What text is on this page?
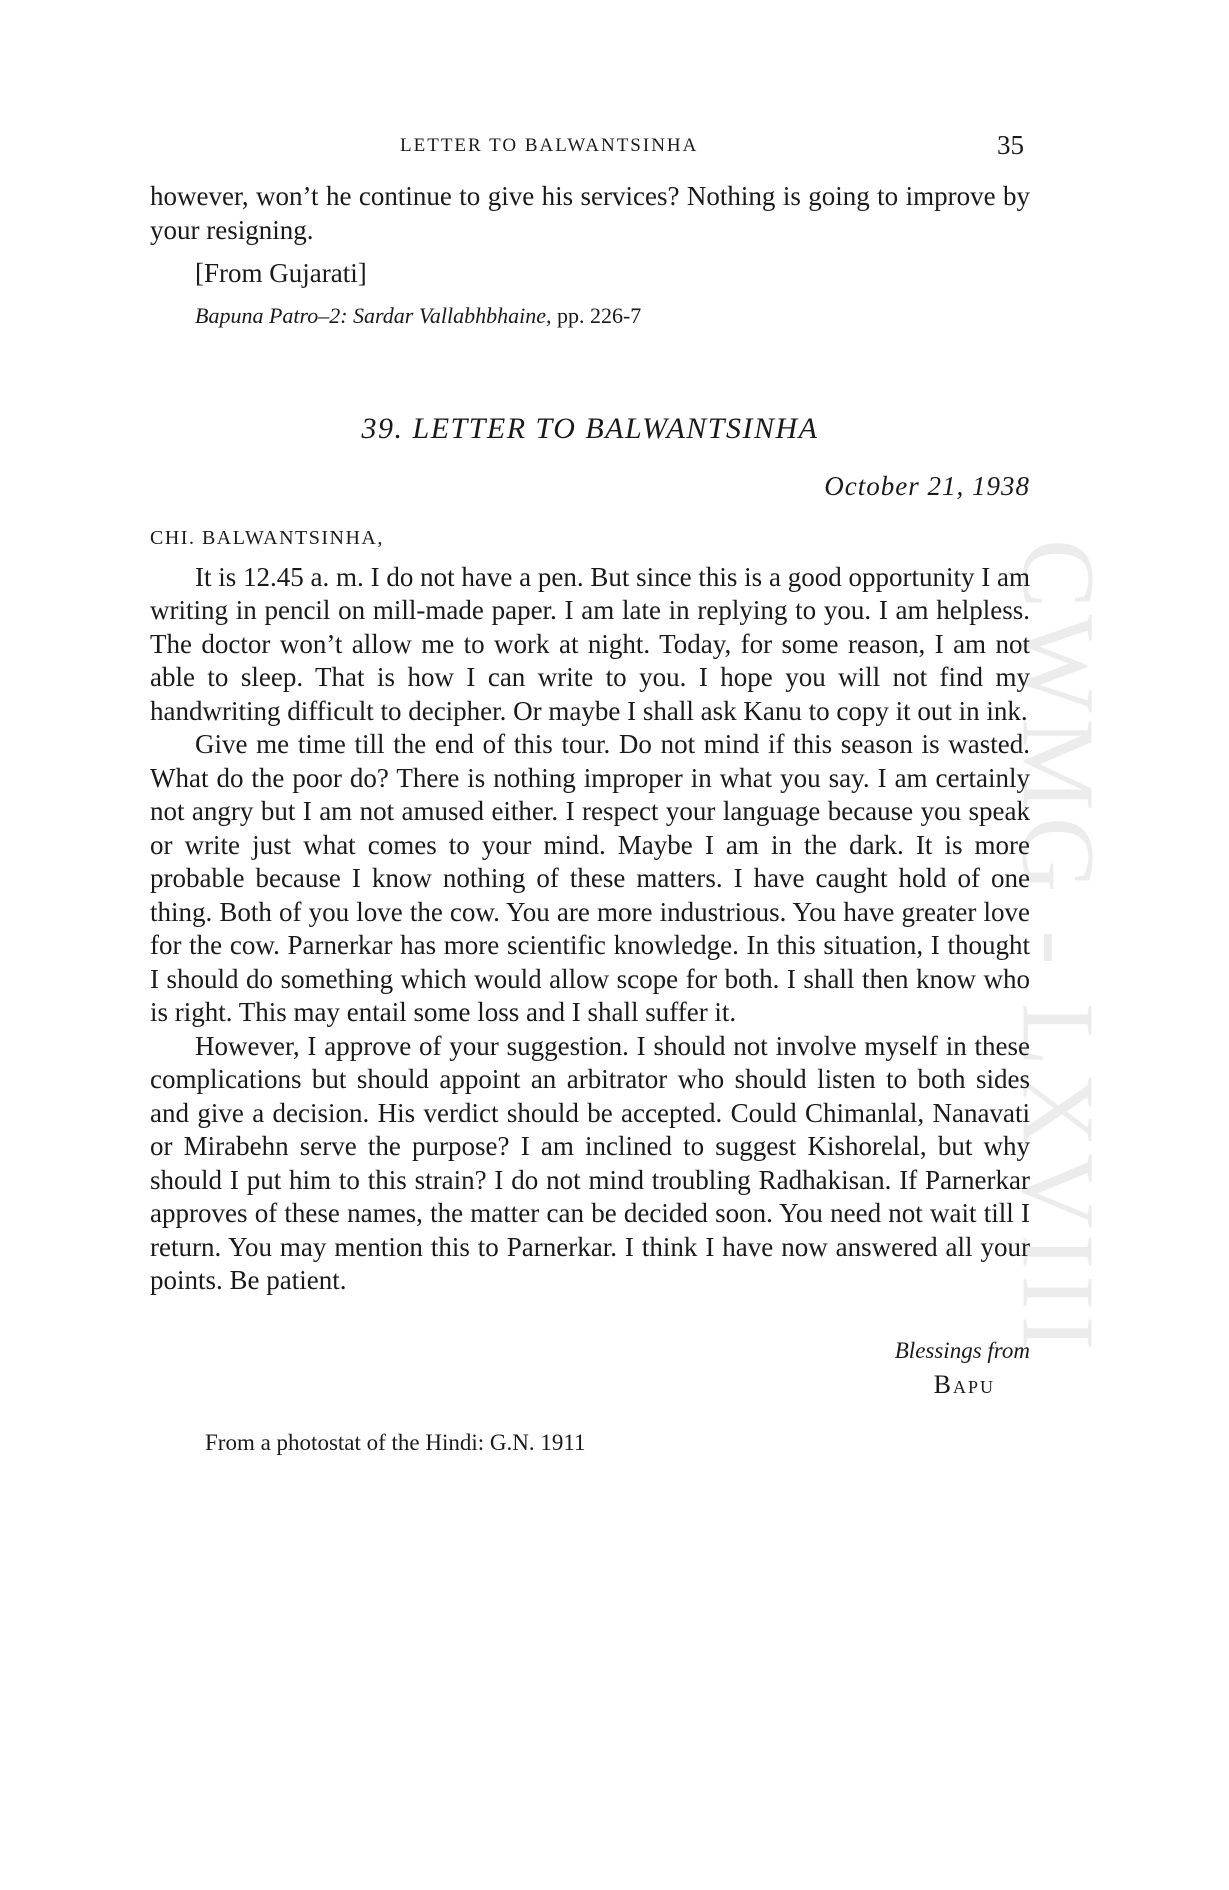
CWMG - LXVIII
LETTER TO BALWANTSINHA	35

however, won’t he continue to give his services? Nothing is going to improve by your resigning.

[From Gujarati]
Bapuna Patro–2: Sardar Vallabhbhaine, pp. 226-7
39. LETTER TO BALWANTSINHA
October 21, 1938
CHI. BALWANTSINHA,

It is 12.45 a. m. I do not have a pen. But since this is a good opportunity I am writing in pencil on mill-made paper. I am late in replying to you. I am helpless. The doctor won’t allow me to work at night. Today, for some reason, I am not able to sleep. That is how I can write to you. I hope you will not find my handwriting difficult to decipher. Or maybe I shall ask Kanu to copy it out in ink.

Give me time till the end of this tour. Do not mind if this season is wasted. What do the poor do? There is nothing improper in what you say. I am certainly not angry but I am not amused either. I respect your language because you speak or write just what comes to your mind. Maybe I am in the dark. It is more probable because I know nothing of these matters. I have caught hold of one thing. Both of you love the cow. You are more industrious. You have greater love for the cow. Parnerkar has more scientific knowledge. In this situation, I thought I should do something which would allow scope for both. I shall then know who is right. This may entail some loss and I shall suffer it.

However, I approve of your suggestion. I should not involve myself in these complications but should appoint an arbitrator who should listen to both sides and give a decision. His verdict should be accepted. Could Chimanlal, Nanavati or Mirabehn serve the purpose? I am inclined to suggest Kishorelal, but why should I put him to this strain? I do not mind troubling Radhakisan. If Parnerkar approves of these names, the matter can be decided soon. You need not wait till I return. You may mention this to Parnerkar. I think I have now answered all your points. Be patient.

Blessings from
Bapu
From a photostat of the Hindi: G.N. 1911
